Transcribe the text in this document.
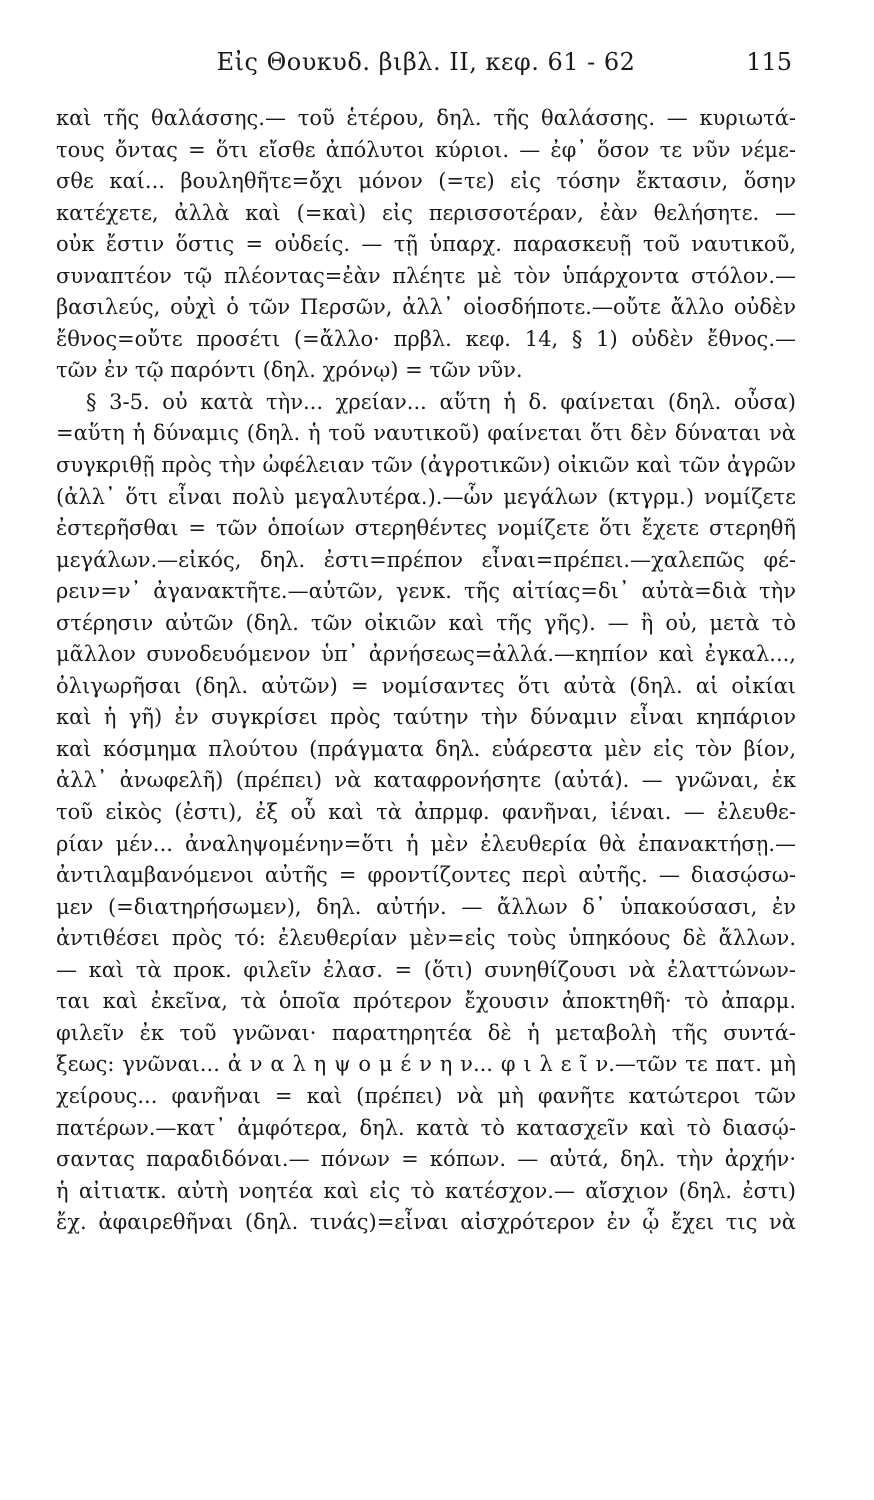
Εἰς Θουκυδ. βιβλ. ΙΙ, κεφ. 61 - 62	115
καὶ τῆς θαλάσσης.— τοῦ ἑτέρου, δηλ. τῆς θαλάσσης. — κυριωτά-
τους ὄντας = ὅτι εἴσθε ἀπόλυτοι κύριοι. — ἐφ᾽ ὅσον τε νῦν νέμε-
σθε καί... βουληθῆτε=ὄχι μόνον (=τε) εἰς τόσην ἔκτασιν, ὅσην
κατέχετε, ἀλλὰ καὶ (=καὶ) εἰς περισσοτέραν, ἐὰν θελήσητε. —
οὐκ ἔστιν ὅστις = οὐδείς. — τῇ ὑπαρχ. παρασκευῇ τοῦ ναυτικοῦ,
συναπτέον τῷ πλέοντας=ἐὰν πλέητε μὲ τὸν ὑπάρχοντα στόλον.—
βασιλεύς, οὐχὶ ὁ τῶν Περσῶν, ἀλλ᾽ οἱοσδήποτε.—οὔτε ἄλλο οὐδὲν
ἔθνος=οὔτε προσέτι (=ἄλλο· πρβλ. κεφ. 14, § 1) οὐδὲν ἔθνος.—
τῶν ἐν τῷ παρόντι (δηλ. χρόνῳ) = τῶν νῦν.
§ 3-5. οὐ κατὰ τὴν... χρείαν... αὕτη ἡ δ. φαίνεται (δηλ. οὖσα)
=αὕτη ἡ δύναμις (δηλ. ἡ τοῦ ναυτικοῦ) φαίνεται ὅτι δὲν δύναται νὰ
συγκριθῇ πρὸς τὴν ὠφέλειαν τῶν (ἀγροτικῶν) οἰκιῶν καὶ τῶν ἀγρῶν
(ἀλλ᾽ ὅτι εἶναι πολὺ μεγαλυτέρα.).—ὧν μεγάλων (κτγρμ.) νομίζετε
ἐστερῆσθαι = τῶν ὁποίων στερηθέντες νομίζετε ὅτι ἔχετε στερηθῆ
μεγάλων.—εἰκός, δηλ. ἐστι=πρέπον εἶναι=πρέπει.—χαλεπῶς φέ-
ρειν=ν᾽ ἀγανακτῆτε.—αὐτῶν, γενκ. τῆς αἰτίας=δι᾽ αὐτὰ=διὰ τὴν
στέρησιν αὐτῶν (δηλ. τῶν οἰκιῶν καὶ τῆς γῆς). — ἢ οὐ, μετὰ τὸ
μᾶλλον συνοδευόμενον ὑπ᾽ ἀρνήσεως=ἀλλά.—κηπίον καὶ ἐγκαλ...,
ὀλιγωρῆσαι (δηλ. αὐτῶν) = νομίσαντες ὅτι αὐτὰ (δηλ. αἱ οἰκίαι
καὶ ἡ γῆ) ἐν συγκρίσει πρὸς ταύτην τὴν δύναμιν εἶναι κηπάριον
καὶ κόσμημα πλούτου (πράγματα δηλ. εὐάρεστα μὲν εἰς τὸν βίον,
ἀλλ᾽ ἀνωφελῆ) (πρέπει) νὰ καταφρονήσητε (αὐτά). — γνῶναι, ἐκ
τοῦ εἰκὸς (ἐστι), ἐξ οὗ καὶ τὰ ἀπρμφ. φανῆναι, ἰέναι. — ἐλευθε-
ρίαν μέν... ἀναληψομένην=ὅτι ἡ μὲν ἐλευθερία θὰ ἐπανακτήσῃ.—
ἀντιλαμβανόμενοι αὐτῆς = φροντίζοντες περὶ αὐτῆς. — διασῴσω-
μεν (=διατηρήσωμεν), δηλ. αὐτήν. — ἄλλων δ᾽ ὑπακούσασι, ἐν
ἀντιθέσει πρὸς τό: ἐλευθερίαν μὲν=εἰς τοὺς ὑπηκόους δὲ ἄλλων.
— καὶ τὰ προκ. φιλεῖν ἐλασ. = (ὅτι) συνηθίζουσι νὰ ἐλαττώνων-
ται καὶ ἐκεῖνα, τὰ ὁποῖα πρότερον ἔχουσιν ἀποκτηθῆ· τὸ ἀπαρμ.
φιλεῖν ἐκ τοῦ γνῶναι· παρατηρητέα δὲ ἡ μεταβολὴ τῆς συντά-
ξεως: γνῶναι... ἀ ν α λ η ψ ο μ έ ν η ν... φ ι λ ε ῖ ν.—τῶν τε πατ. μὴ
χείρους... φανῆναι = καὶ (πρέπει) νὰ μὴ φανῆτε κατώτεροι τῶν
πατέρων.—κατ᾽ ἀμφότερα, δηλ. κατὰ τὸ κατασχεῖν καὶ τὸ διασῴ-
σαντας παραδιδόναι.— πόνων = κόπων. — αὐτά, δηλ. τὴν ἀρχήν·
ἡ αἰτιατκ. αὐτὴ νοητέα καὶ εἰς τὸ κατέσχον.— αἴσχιον (δηλ. ἐστι)
ἔχ. ἀφαιρεθῆναι (δηλ. τινάς)=εἶναι αἰσχρότερον ἐν ᾧ ἔχει τις νὰ
